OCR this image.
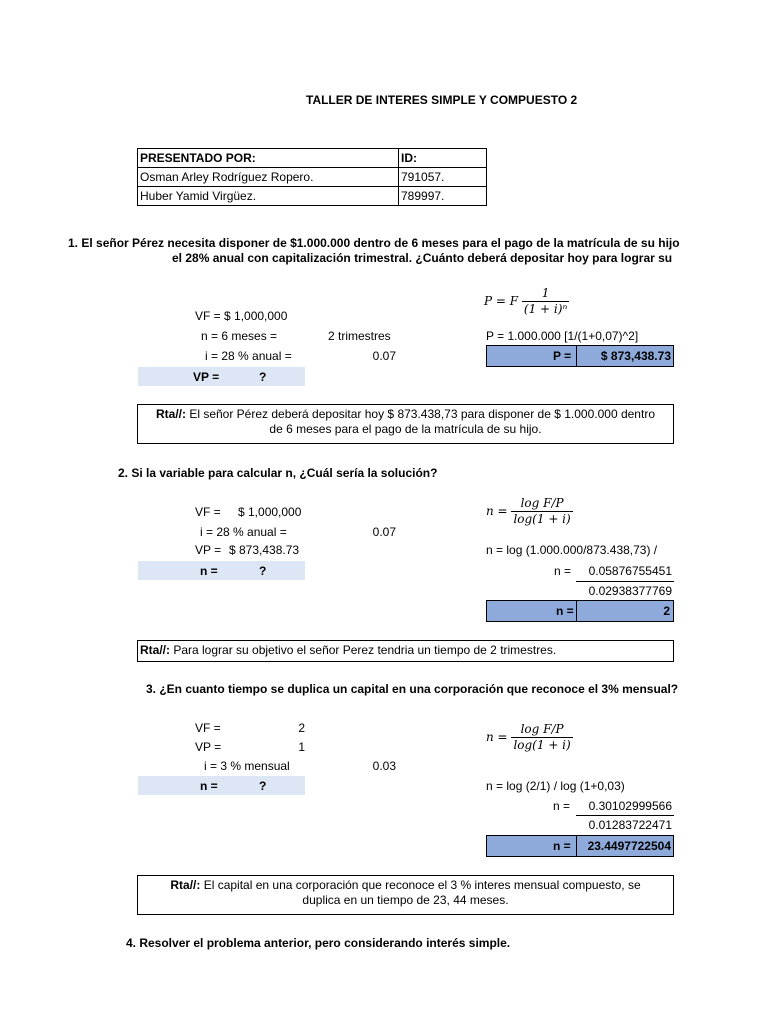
TALLER DE INTERES SIMPLE Y COMPUESTO 2
PRESENTADO POR:	ID:
Osman Arley Rodríguez Ropero.	791057.
Huber Yamid Virgüez.	789997.
1. El señor Pérez necesita disponer de $1.000.000 dentro de 6 meses para el pago de la matrícula de su hijo
el 28% anual con capitalización trimestral. ¿Cuánto deberá depositar hoy para lograr su
P = F $\frac{1}{\text{(1 + i)ⁿ}}$
VF = $ 1,000,000
n = 6 meses =	2 trimestres	P = 1.000.000 [1/(1+0,07)^2]
i = 28 % anual =	0.07	P = $ 873,438.73
VP =	?
Rta//: El señor Pérez deberá depositar hoy $ 873.438,73 para disponer de $ 1.000.000 dentro
de 6 meses para el pago de la matrícula de su hijo.
2. Si la variable para calcular n, ¿Cuál sería la solución?
$n = \frac{\text{log F/P}}{\log(1 + i)}$
VF = $ 1,000,000
i = 28 % anual =	0.07
VP = $ 873,438.73	n = log (1.000.000/873.438,73) /
n =	?	n =	0.05876755451
0.02938377769
n =	2
Rta//: Para lograr su objetivo el señor Perez tendria un tiempo de 2 trimestres.
3. ¿En cuanto tiempo se duplica un capital en una corporación que reconoce el 3% mensual?
$n = \frac{\text{log F/P}}{\log(1 + i)}$
VF =	2
VP =	1
i = 3 % mensual	0.03
n =	?	n = log (2/1) / log (1+0,03)
n =	0.30102999566
0.01283722471
n = 23.4497722504
Rta//: El capital en una corporación que reconoce el 3 % interes mensual compuesto, se
duplica en un tiempo de 23, 44 meses.
4. Resolver el problema anterior, pero considerando interés simple.
